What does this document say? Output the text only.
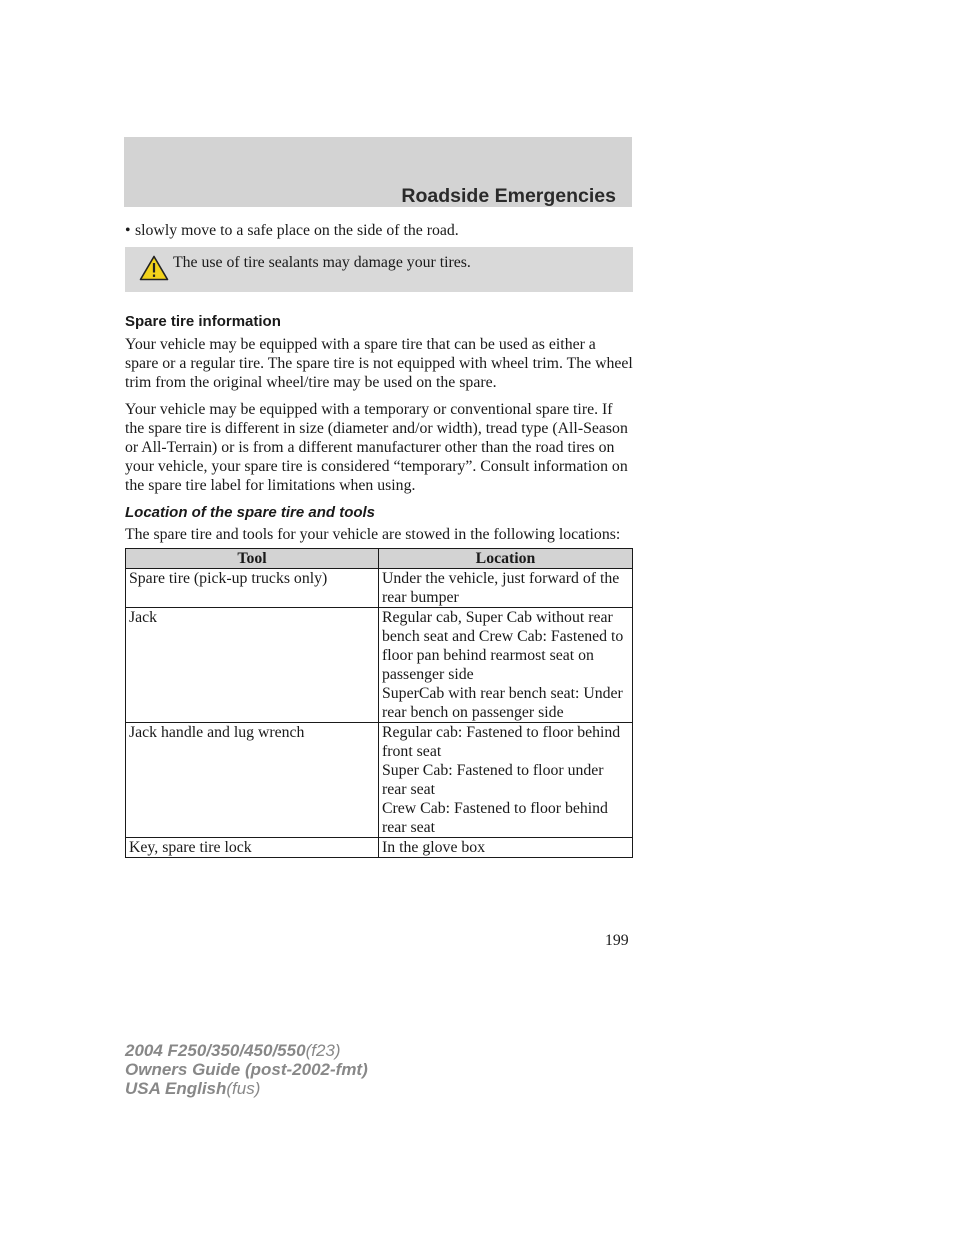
Roadside Emergencies
• slowly move to a safe place on the side of the road.
The use of tire sealants may damage your tires.
Spare tire information

Your vehicle may be equipped with a spare tire that can be used as either a spare or a regular tire. The spare tire is not equipped with wheel trim. The wheel trim from the original wheel/tire may be used on the spare.

Your vehicle may be equipped with a temporary or conventional spare tire. If the spare tire is different in size (diameter and/or width), tread type (All-Season or All-Terrain) or is from a different manufacturer other than the road tires on your vehicle, your spare tire is considered “temporary”. Consult information on the spare tire label for limitations when using.

Location of the spare tire and tools

The spare tire and tools for your vehicle are stowed in the following locations:

Tool	Location
Spare tire (pick-up trucks only)	Under the vehicle, just forward of the rear bumper

Jack	Regular cab, Super Cab without rear bench seat and Crew Cab: Fastened to floor pan behind rearmost seat on passenger side
SuperCab with rear bench seat: Under rear bench on passenger side

Jack handle and lug wrench	Regular cab: Fastened to floor behind front seat
Super Cab: Fastened to floor under rear seat
Crew Cab: Fastened to floor behind rear seat

Key, spare tire lock	In the glove box
199
2004 F250/350/450/550(f23)
Owners Guide (post-2002-fmt)
USA English(fus)
